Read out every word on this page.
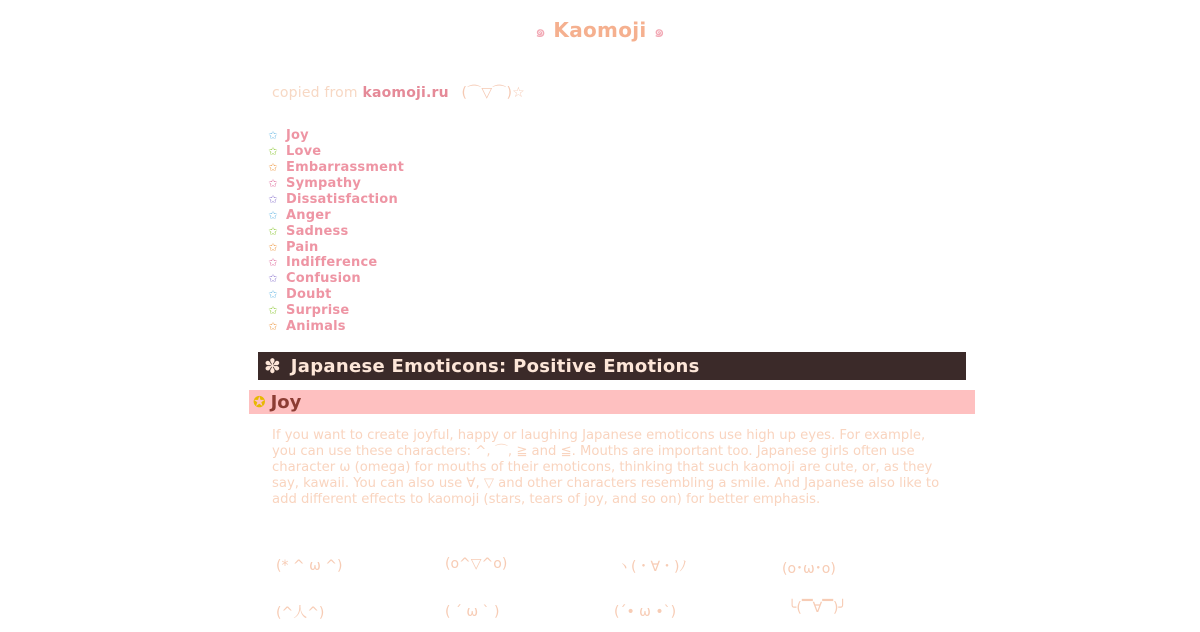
๑ Kaomoji ๑
copied from kaomoji.ru (⌒▽⌒)☆
✩ Joy
✩ Love
✩ Embarrassment
✩ Sympathy
✩ Dissatisfaction
✩ Anger
✩ Sadness
✩ Pain
✩ Indifference
✩ Confusion
✩ Doubt
✩ Surprise
✩ Animals
✽ Japanese Emoticons: Positive Emotions
✪ Joy

If you want to create joyful, happy or laughing Japanese emoticons use high up eyes. For example, you can use these characters: ^, ⌒, ≧ and ≦. Mouths are important too. Japanese girls often use character ω (omega) for mouths of their emoticons, thinking that such kaomoji are cute, or, as they say, kawaii. You can also use ∀, ▽ and other characters resembling a smile. And Japanese also like to add different effects to kaomoji (stars, tears of joy, and so on) for better emphasis.

(* ^ ω ^)	(o^▽^o)	ヽ(・∀・)ﾉ	(o･ω･o)
(^人^)	( ´ ω ` )	(´• ω •`)	╰(▔∀▔)╯
